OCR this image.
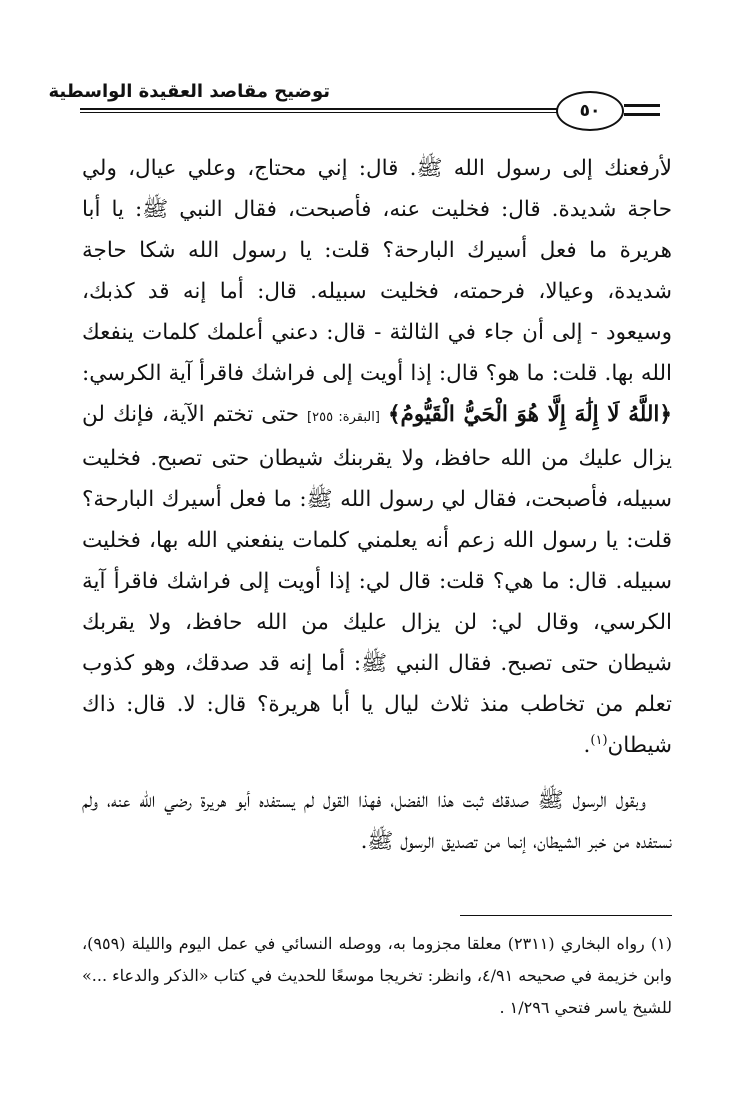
توضيح مقاصد العقيدة الواسطية
٥٠

لأرفعنك إلى رسول الله ﷺ. قال: إني محتاج، وعلي عيال، ولي حاجة شديدة. قال: فخليت عنه، فأصبحت، فقال النبي ﷺ: يا أبا هريرة ما فعل أسيرك البارحة؟ قلت: يا رسول الله شكا حاجة شديدة، وعيالا، فرحمته، فخليت سبيله. قال: أما إنه قد كذبك، وسيعود - إلى أن جاء في الثالثة - قال: دعني أعلمك كلمات ينفعك الله بها. قلت: ما هو؟ قال: إذا أويت إلى فراشك فاقرأ آية الكرسي: ﴿اللَّهُ لَا إِلَٰهَ إِلَّا هُوَ الْحَيُّ الْقَيُّومُ﴾ [البقرة: ٢٥٥] حتى تختم الآية، فإنك لن يزال عليك من الله حافظ، ولا يقربنك شيطان حتى تصبح. فخليت سبيله، فأصبحت، فقال لي رسول الله ﷺ: ما فعل أسيرك البارحة؟ قلت: يا رسول الله زعم أنه يعلمني كلمات ينفعني الله بها، فخليت سبيله. قال: ما هي؟ قلت: قال لي: إذا أويت إلى فراشك فاقرأ آية الكرسي، وقال لي: لن يزال عليك من الله حافظ، ولا يقربك شيطان حتى تصبح. فقال النبي ﷺ: أما إنه قد صدقك، وهو كذوب تعلم من تخاطب منذ ثلاث ليال يا أبا هريرة؟ قال: لا. قال: ذاك شيطان$^{(١)}$.

وبقول الرسول ﷺ صدقك ثبت هذا الفضل، فهذا القول لم يستفده أبو هريرة رضي الله عنه، ولم نستفده من خبر الشيطان، إنما من تصديق الرسول ﷺ.

(١) رواه البخاري (٢٣١١) معلقا مجزوما به، ووصله النسائي في عمل اليوم والليلة (٩٥٩)، وابن خزيمة في صحيحه ٤/٩١، وانظر: تخريجا موسعًا للحديث في كتاب «الذكر والدعاء ...» للشيخ ياسر فتحي ١/٢٩٦ .
